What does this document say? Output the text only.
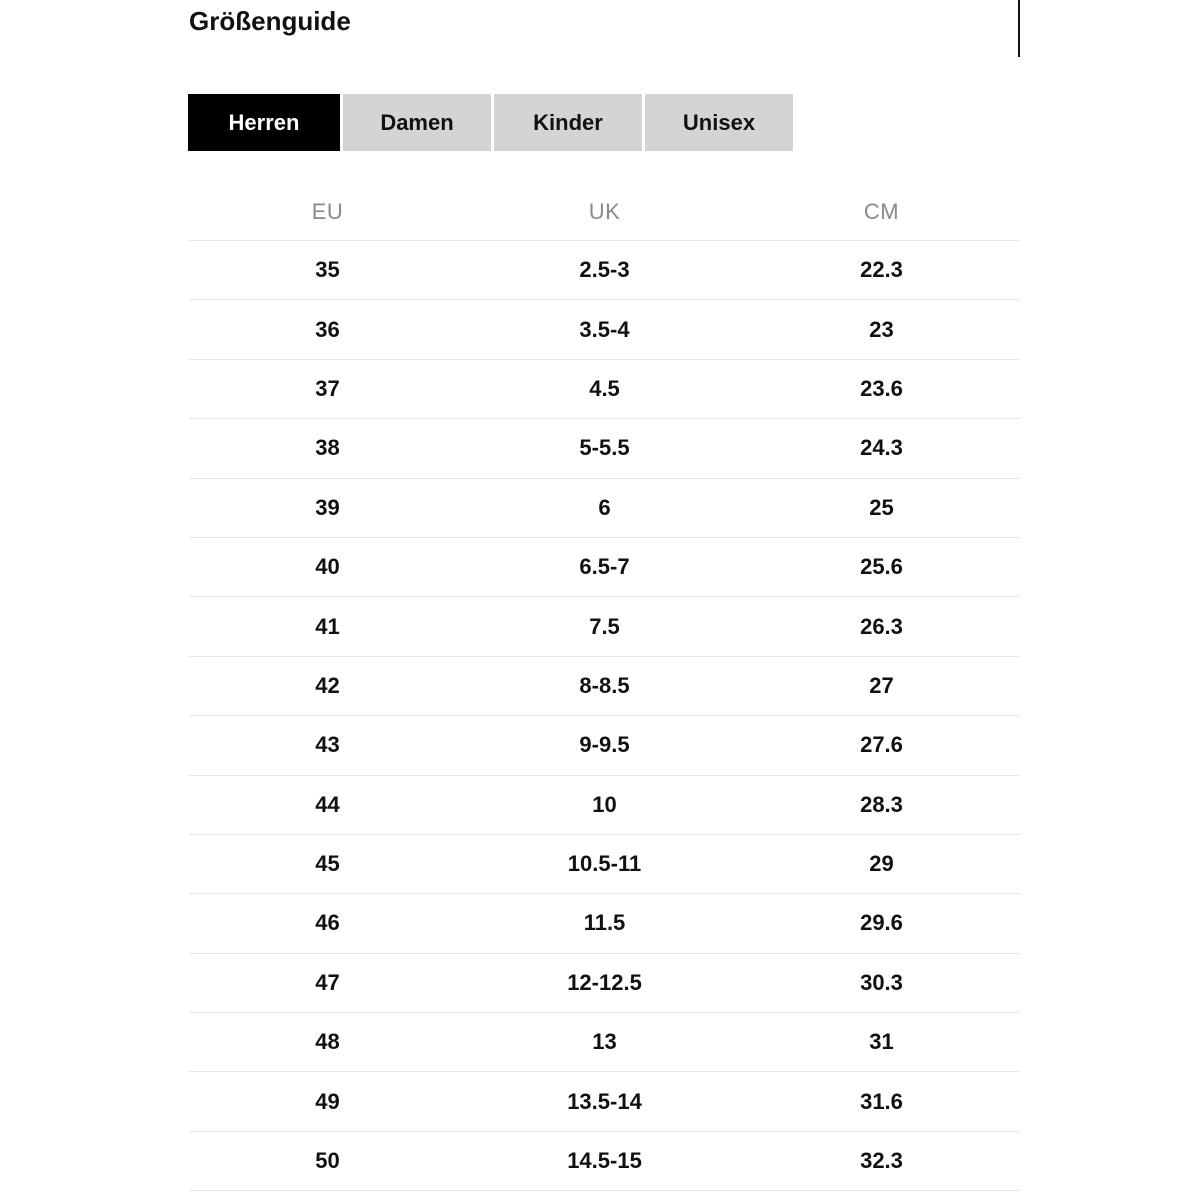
Größenguide
Herren	Damen	Kinder	Unisex
EU	UK	CM
35	2.5-3	22.3
36	3.5-4	23
37	4.5	23.6
38	5-5.5	24.3
39	6	25
40	6.5-7	25.6
41	7.5	26.3
42	8-8.5	27
43	9-9.5	27.6
44	10	28.3
45	10.5-11	29
46	11.5	29.6
47	12-12.5	30.3
48	13	31
49	13.5-14	31.6
50	14.5-15	32.3
